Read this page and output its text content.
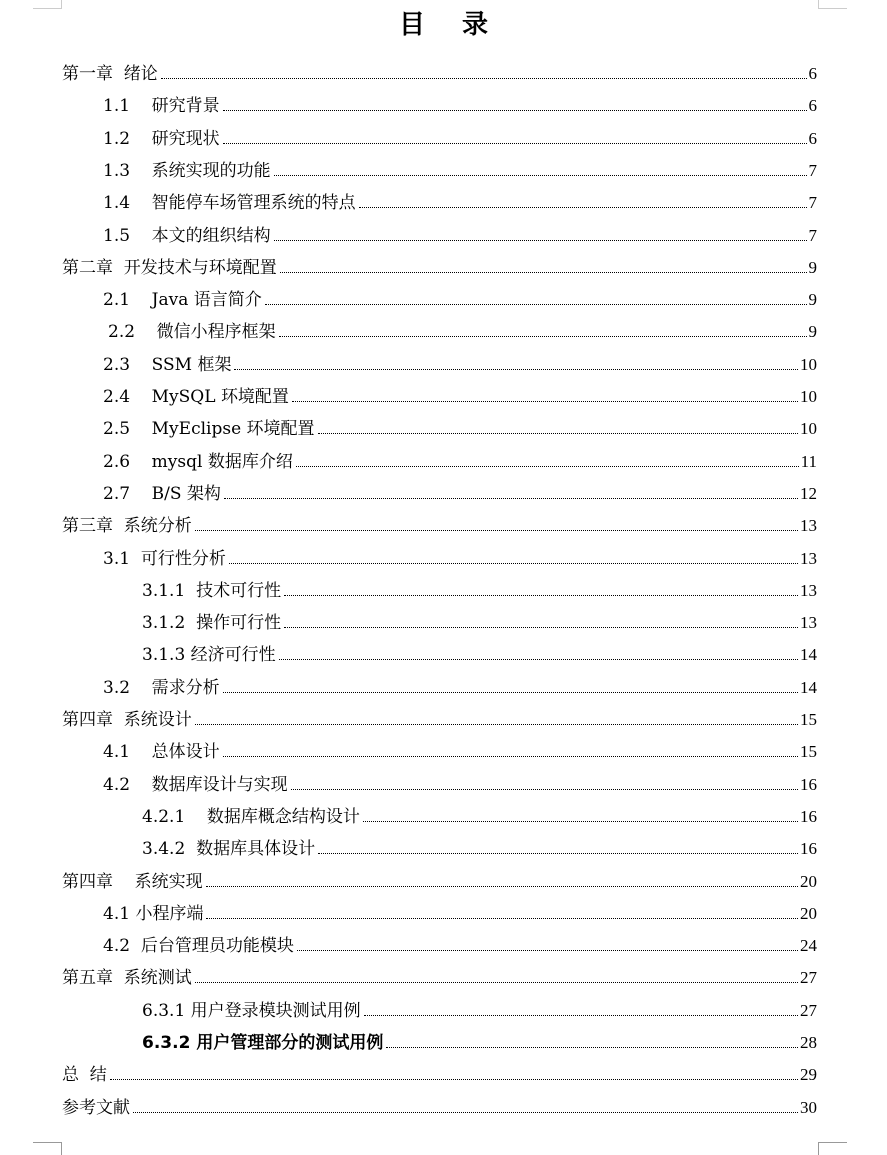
目 录
第一章  绪论	6
1.1    研究背景	6
1.2    研究现状	6
1.3    系统实现的功能	7
1.4    智能停车场管理系统的特点	7
1.5    本文的组织结构	7
第二章  开发技术与环境配置	9
2.1    Java 语言简介	9
2.2    微信小程序框架	9
2.3    SSM 框架	10
2.4    MySQL 环境配置	10
2.5    MyEclipse 环境配置	10
2.6    mysql 数据库介绍	11
2.7    B/S 架构	12
第三章  系统分析	13
3.1  可行性分析	13
3.1.1  技术可行性	13
3.1.2  操作可行性	13
3.1.3 经济可行性	14
3.2    需求分析	14
第四章  系统设计	15
4.1    总体设计	15
4.2    数据库设计与实现	16
4.2.1    数据库概念结构设计	16
3.4.2  数据库具体设计	16
第四章    系统实现	20
4.1 小程序端	20
4.2  后台管理员功能模块	24
第五章  系统测试	27
6.3.1 用户登录模块测试用例	27
6.3.2 用户管理部分的测试用例	28
总  结	29
参考文献	30
